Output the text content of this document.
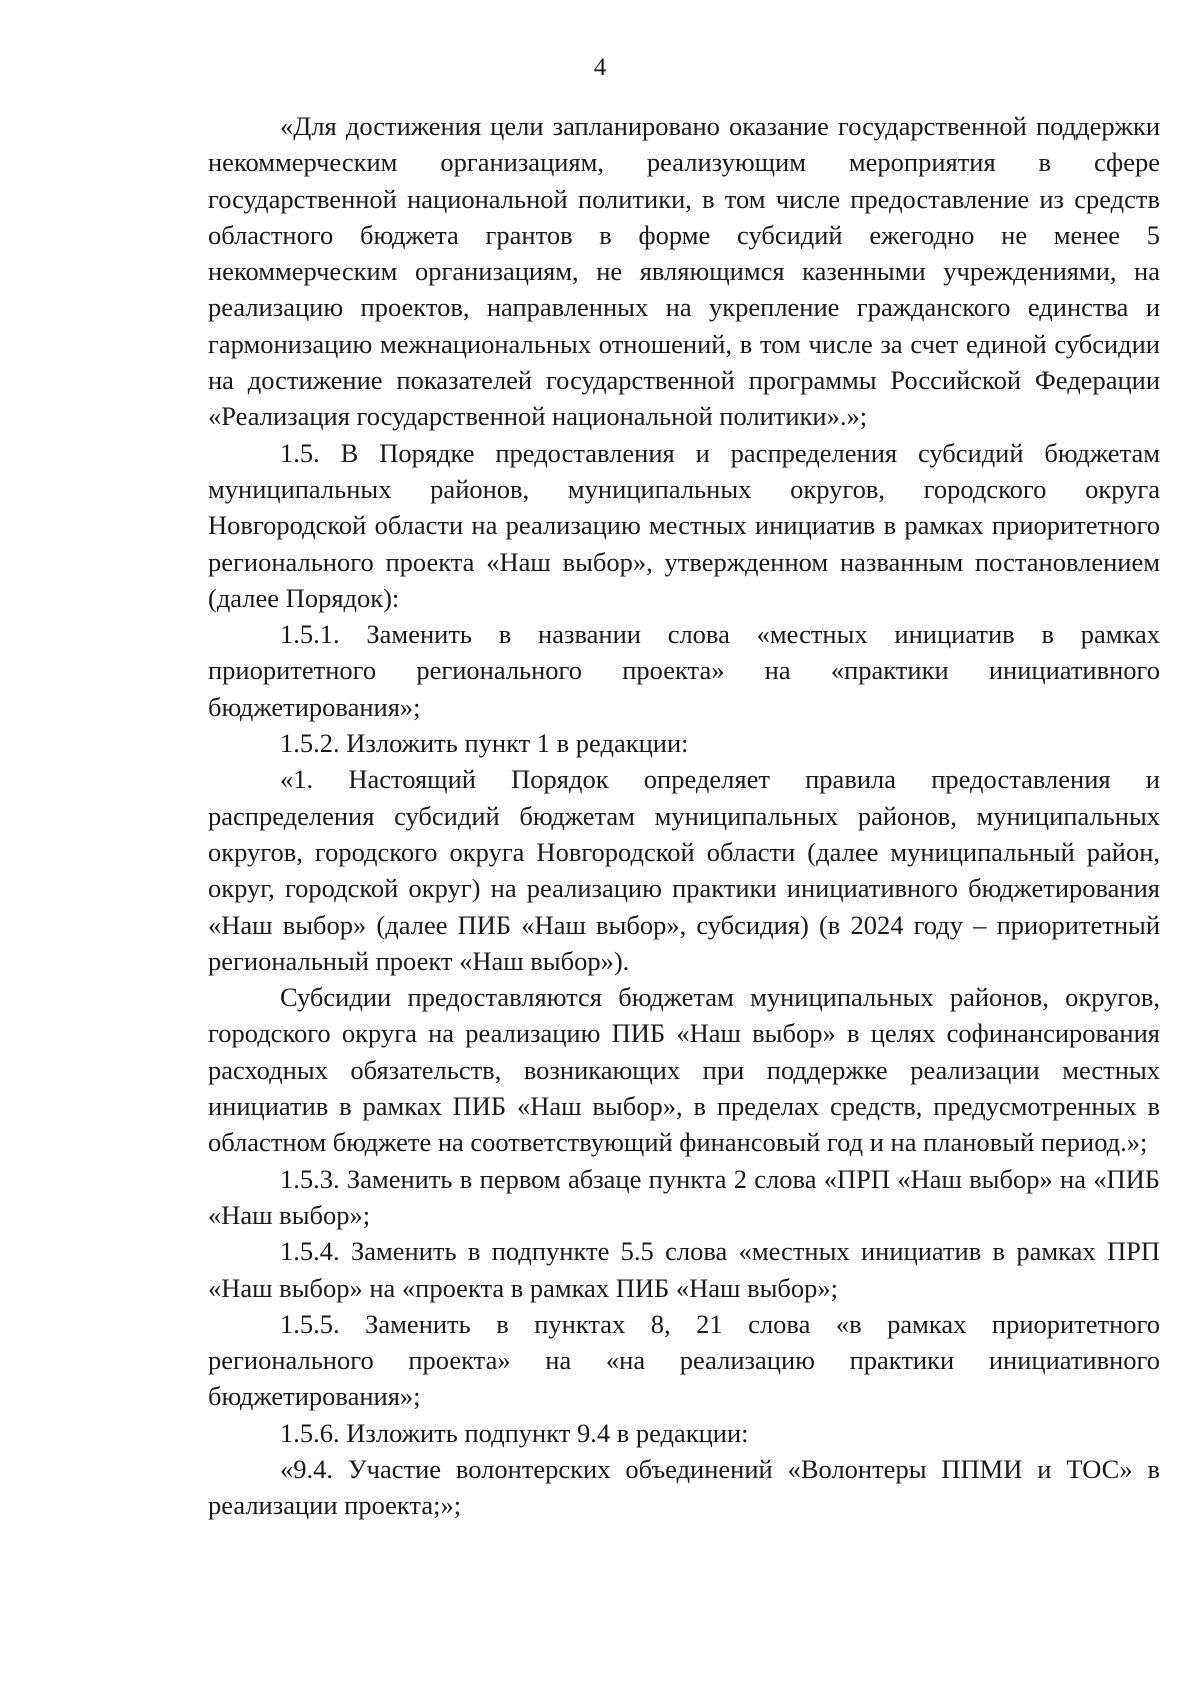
4

«Для достижения цели запланировано оказание государственной поддержки некоммерческим организациям, реализующим мероприятия в сфере государственной национальной политики, в том числе предоставление из средств областного бюджета грантов в форме субсидий ежегодно не менее 5 некоммерческим организациям, не являющимся казенными учреждениями, на реализацию проектов, направленных на укрепление гражданского единства и гармонизацию межнациональных отношений, в том числе за счет единой субсидии на достижение показателей государственной программы Российской Федерации «Реализация государственной национальной политики».»;

1.5. В Порядке предоставления и распределения субсидий бюджетам муниципальных районов, муниципальных округов, городского округа Новгородской области на реализацию местных инициатив в рамках приоритетного регионального проекта «Наш выбор», утвержденном названным постановлением (далее Порядок):

1.5.1. Заменить в названии слова «местных инициатив в рамках приоритетного регионального проекта» на «практики инициативного бюджетирования»;

1.5.2. Изложить пункт 1 в редакции:

«1. Настоящий Порядок определяет правила предоставления и распределения субсидий бюджетам муниципальных районов, муниципальных округов, городского округа Новгородской области (далее муниципальный район, округ, городской округ) на реализацию практики инициативного бюджетирования «Наш выбор» (далее ПИБ «Наш выбор», субсидия) (в 2024 году – приоритетный региональный проект «Наш выбор»).

Субсидии предоставляются бюджетам муниципальных районов, округов, городского округа на реализацию ПИБ «Наш выбор» в целях софинансирования расходных обязательств, возникающих при поддержке реализации местных инициатив в рамках ПИБ «Наш выбор», в пределах средств, предусмотренных в областном бюджете на соответствующий финансовый год и на плановый период.»;

1.5.3. Заменить в первом абзаце пункта 2 слова «ПРП «Наш выбор» на «ПИБ «Наш выбор»;

1.5.4. Заменить в подпункте 5.5 слова «местных инициатив в рамках ПРП «Наш выбор» на «проекта в рамках ПИБ «Наш выбор»;

1.5.5. Заменить в пунктах 8, 21 слова «в рамках приоритетного регионального проекта» на «на реализацию практики инициативного бюджетирования»;

1.5.6. Изложить подпункт 9.4 в редакции:

«9.4. Участие волонтерских объединений «Волонтеры ППМИ и ТОС» в реализации проекта;»;
